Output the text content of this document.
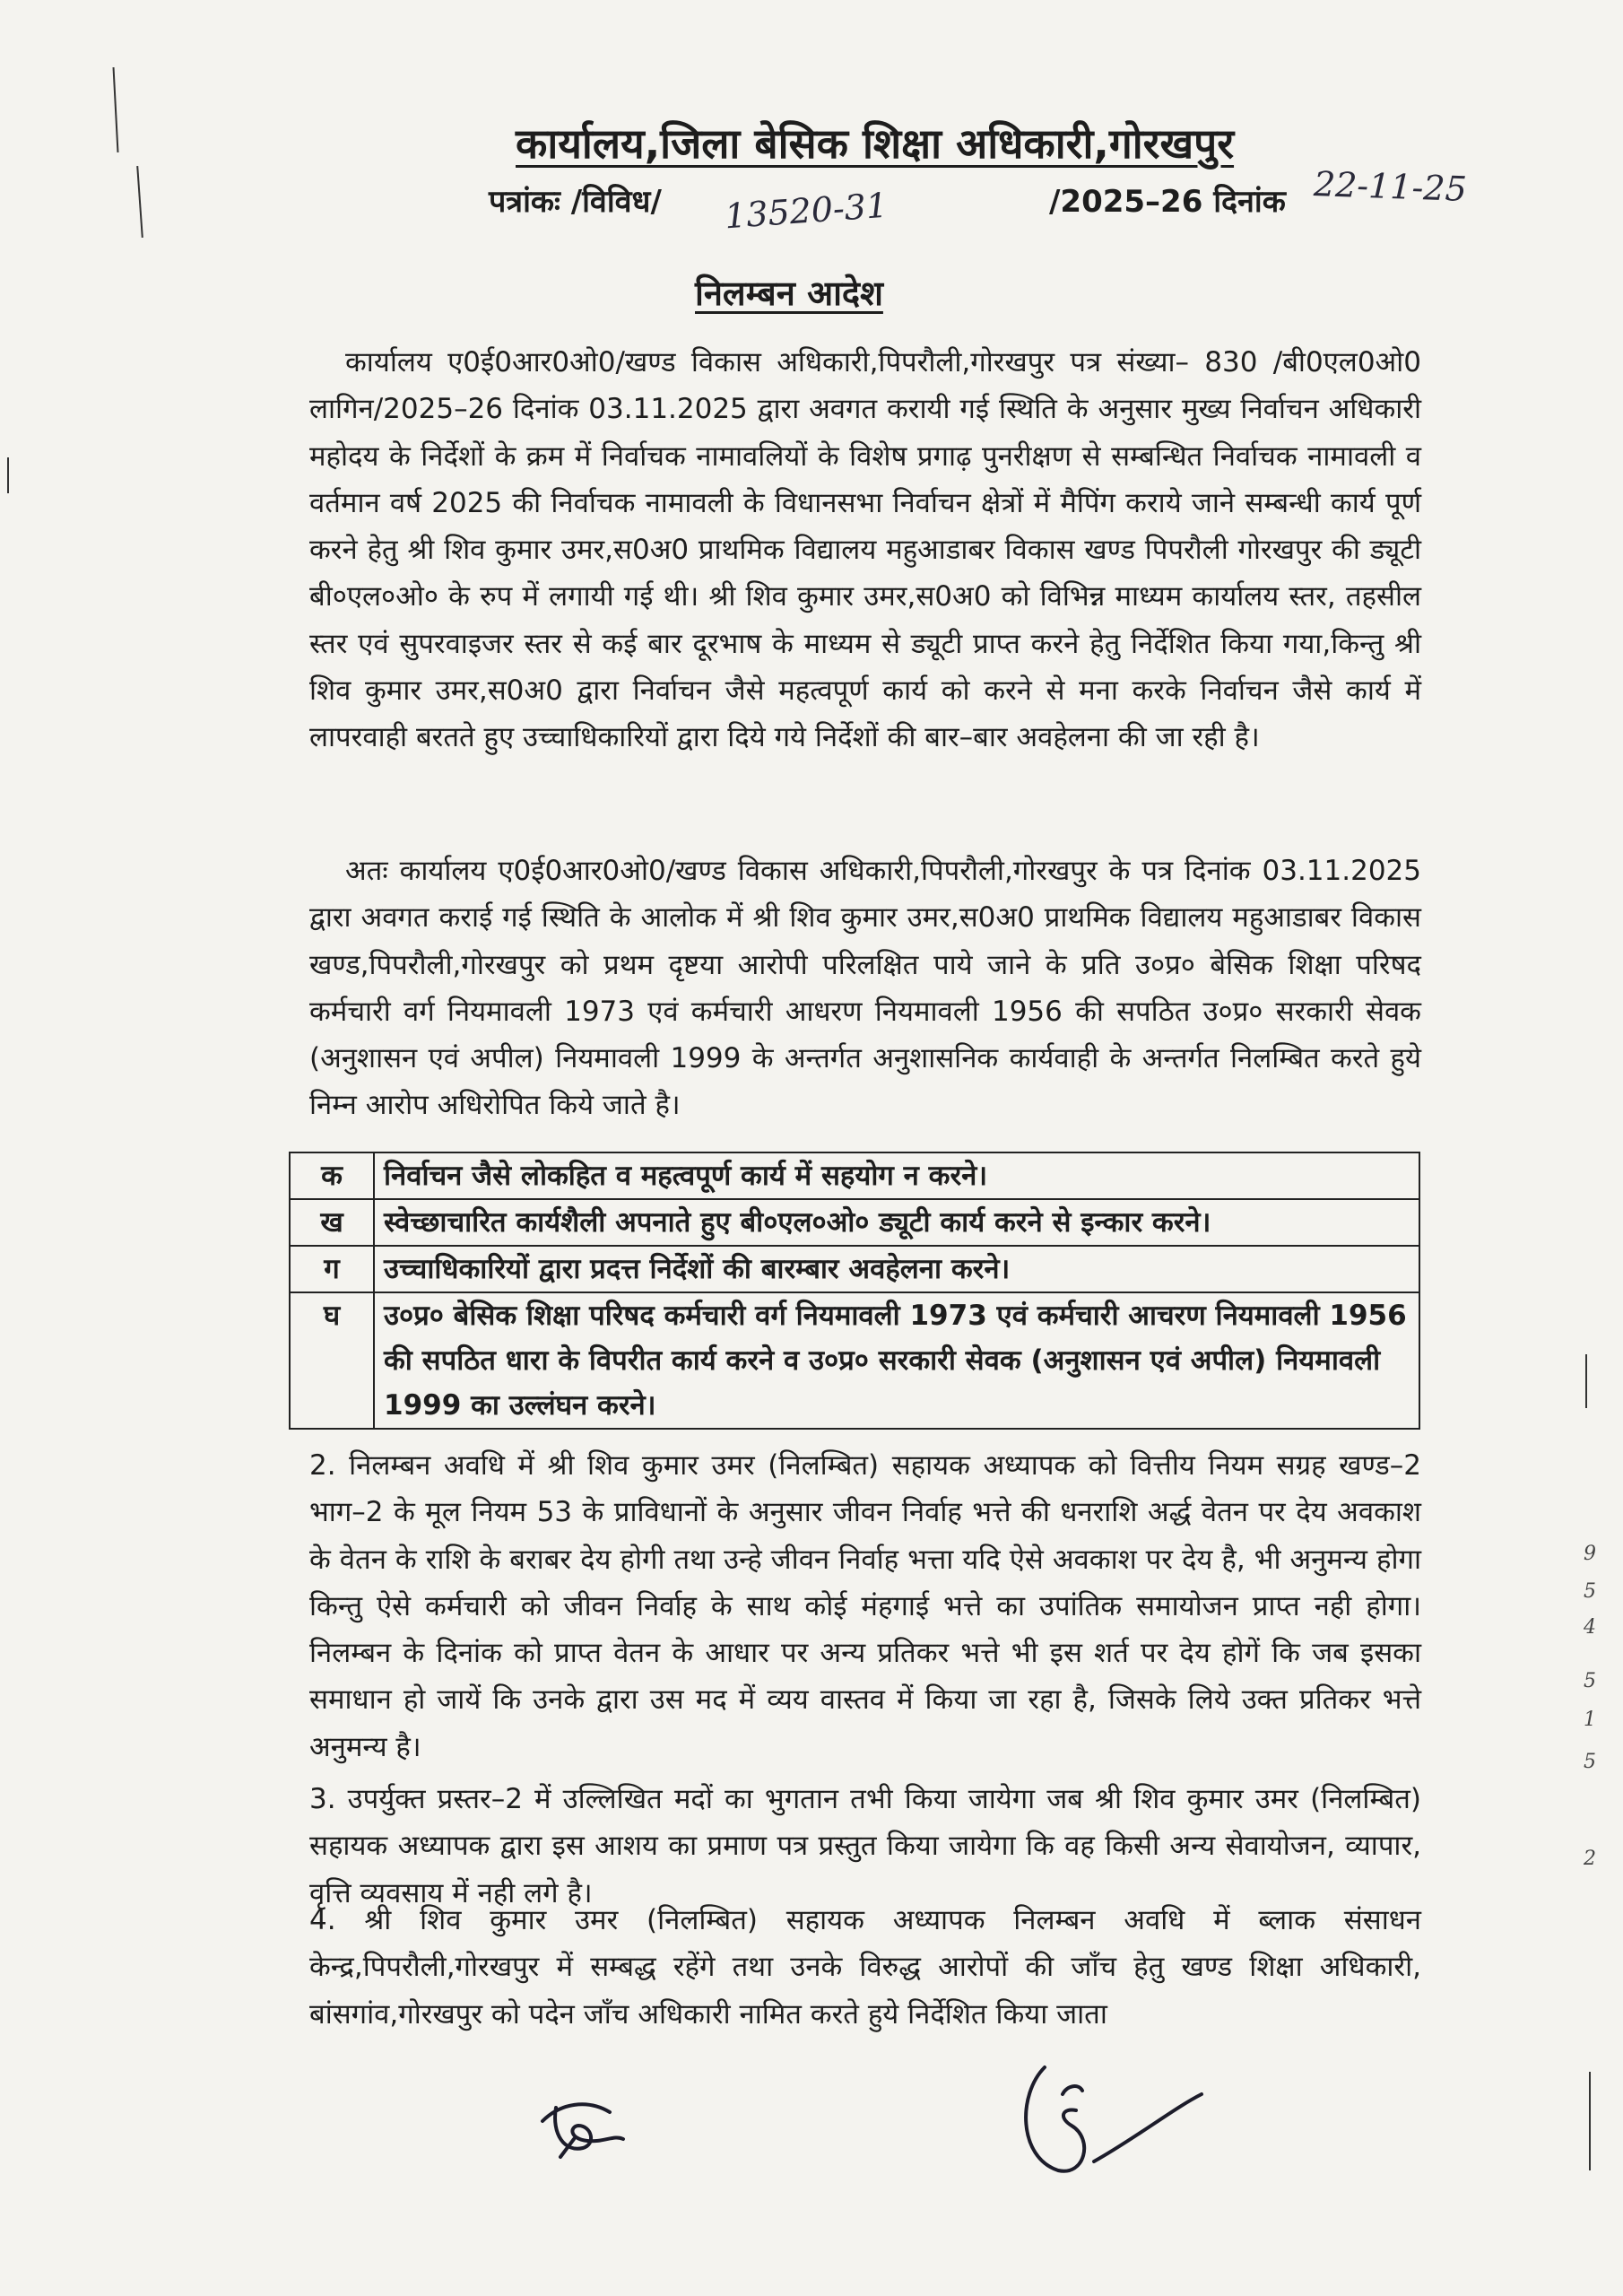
कार्यालय,जिला बेसिक शिक्षा अधिकारी,गोरखपुर
पत्रांकः /विविध/ 13520-31	/2025–26 दिनांक 22-11-25
निलम्बन आदेश

कार्यालय ए0ई0आर0ओ0/खण्ड विकास अधिकारी,पिपरौली,गोरखपुर पत्र संख्या– 830 /बी0एल0ओ0 लागिन/2025–26 दिनांक 03.11.2025 द्वारा अवगत करायी गई स्थिति के अनुसार मुख्य निर्वाचन अधिकारी महोदय के निर्देशों के क्रम में निर्वाचक नामावलियों के विशेष प्रगाढ़ पुनरीक्षण से सम्बन्धित निर्वाचक नामावली व वर्तमान वर्ष 2025 की निर्वाचक नामावली के विधानसभा निर्वाचन क्षेत्रों में मैपिंग कराये जाने सम्बन्धी कार्य पूर्ण करने हेतु श्री शिव कुमार उमर,स0अ0 प्राथमिक विद्यालय महुआडाबर विकास खण्ड पिपरौली गोरखपुर की ड्यूटी बी०एल०ओ० के रुप में लगायी गई थी। श्री शिव कुमार उमर,स0अ0 को विभिन्न माध्यम कार्यालय स्तर, तहसील स्तर एवं सुपरवाइजर स्तर से कई बार दूरभाष के माध्यम से ड्यूटी प्राप्त करने हेतु निर्देशित किया गया,किन्तु श्री शिव कुमार उमर,स0अ0 द्वारा निर्वाचन जैसे महत्वपूर्ण कार्य को करने से मना करके निर्वाचन जैसे कार्य में लापरवाही बरतते हुए उच्चाधिकारियों द्वारा दिये गये निर्देशों की बार–बार अवहेलना की जा रही है।

अतः कार्यालय ए0ई0आर0ओ0/खण्ड विकास अधिकारी,पिपरौली,गोरखपुर के पत्र दिनांक 03.11.2025 द्वारा अवगत कराई गई स्थिति के आलोक में श्री शिव कुमार उमर,स0अ0 प्राथमिक विद्यालय महुआडाबर विकास खण्ड,पिपरौली,गोरखपुर को प्रथम दृष्टया आरोपी परिलक्षित पाये जाने के प्रति उ०प्र० बेसिक शिक्षा परिषद कर्मचारी वर्ग नियमावली 1973 एवं कर्मचारी आधरण नियमावली 1956 की सपठित उ०प्र० सरकारी सेवक (अनुशासन एवं अपील) नियमावली 1999 के अन्तर्गत अनुशासनिक कार्यवाही के अन्तर्गत निलम्बित करते हुये निम्न आरोप अधिरोपित किये जाते है।

क	निर्वाचन जैसे लोकहित व महत्वपूर्ण कार्य में सहयोग न करने।
ख	स्वेच्छाचारित कार्यशैली अपनाते हुए बी०एल०ओ० ड्यूटी कार्य करने से इन्कार करने।
ग	उच्चाधिकारियों द्वारा प्रदत्त निर्देशों की बारम्बार अवहेलना करने।
घ	उ०प्र० बेसिक शिक्षा परिषद कर्मचारी वर्ग नियमावली 1973 एवं कर्मचारी आचरण नियमावली 1956 की सपठित धारा के विपरीत कार्य करने व उ०प्र० सरकारी सेवक (अनुशासन एवं अपील) नियमावली 1999 का उल्लंघन करने।

2. निलम्बन अवधि में श्री शिव कुमार उमर (निलम्बित) सहायक अध्यापक को वित्तीय नियम सग्रह खण्ड–2 भाग–2 के मूल नियम 53 के प्राविधानों के अनुसार जीवन निर्वाह भत्ते की धनराशि अर्द्ध वेतन पर देय अवकाश के वेतन के राशि के बराबर देय होगी तथा उन्हे जीवन निर्वाह भत्ता यदि ऐसे अवकाश पर देय है, भी अनुमन्य होगा किन्तु ऐसे कर्मचारी को जीवन निर्वाह के साथ कोई मंहगाई भत्ते का उपांतिक समायोजन प्राप्त नही होगा। निलम्बन के दिनांक को प्राप्त वेतन के आधार पर अन्य प्रतिकर भत्ते भी इस शर्त पर देय होगें कि जब इसका समाधान हो जायें कि उनके द्वारा उस मद में व्यय वास्तव में किया जा रहा है, जिसके लिये उक्त प्रतिकर भत्ते अनुमन्य है।

3. उपर्युक्त प्रस्तर–2 में उल्लिखित मदों का भुगतान तभी किया जायेगा जब श्री शिव कुमार उमर (निलम्बित) सहायक अध्यापक द्वारा इस आशय का प्रमाण पत्र प्रस्तुत किया जायेगा कि वह किसी अन्य सेवायोजन, व्यापार, वृत्ति व्यवसाय में नही लगे है।

4. श्री शिव कुमार उमर (निलम्बित) सहायक अध्यापक निलम्बन अवधि में ब्लाक संसाधन केन्द्र,पिपरौली,गोरखपुर में सम्बद्ध रहेंगे तथा उनके विरुद्ध आरोपों की जाँच हेतु खण्ड शिक्षा अधिकारी, बांसगांव,गोरखपुर को पदेन जाँच अधिकारी नामित करते हुये निर्देशित किया जाता

9
5
4
5
1
5
2
